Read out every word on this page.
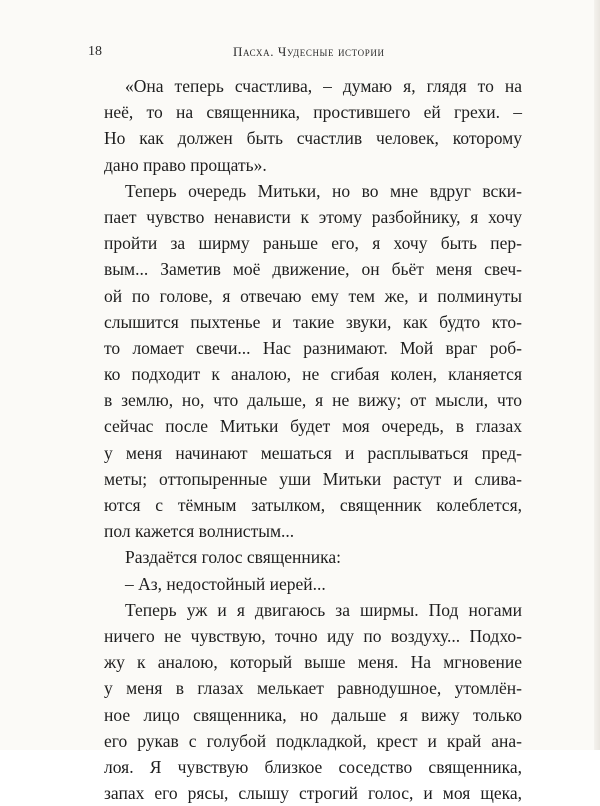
18	Пасха. Чудесные истории
«Она теперь счастлива, – думаю я, глядя то на
неё, то на священника, простившего ей грехи. –
Но как должен быть счастлив человек, которому
дано право прощать».
Теперь очередь Митьки, но во мне вдруг вски-
пает чувство ненависти к этому разбойнику, я хочу
пройти за ширму раньше его, я хочу быть пер-
вым... Заметив моё движение, он бьёт меня свеч-
ой по голове, я отвечаю ему тем же, и полминуты
слышится пыхтенье и такие звуки, как будто кто-
то ломает свечи... Нас разнимают. Мой враг роб-
ко подходит к аналою, не сгибая колен, кланяется
в землю, но, что дальше, я не вижу; от мысли, что
сейчас после Митьки будет моя очередь, в глазах
у меня начинают мешаться и расплываться пред-
меты; оттопыренные уши Митьки растут и слива-
ются с тёмным затылком, священник колеблется,
пол кажется волнистым...
Раздаётся голос священника:
– Аз, недостойный иерей...
Теперь уж и я двигаюсь за ширмы. Под ногами
ничего не чувствую, точно иду по воздуху... Подхо-
жу к аналою, который выше меня. На мгновение
у меня в глазах мелькает равнодушное, утомлён-
ное лицо священника, но дальше я вижу только
его рукав с голубой подкладкой, крест и край ана-
лоя. Я чувствую близкое соседство священника,
запах его рясы, слышу строгий голос, и моя щека,
